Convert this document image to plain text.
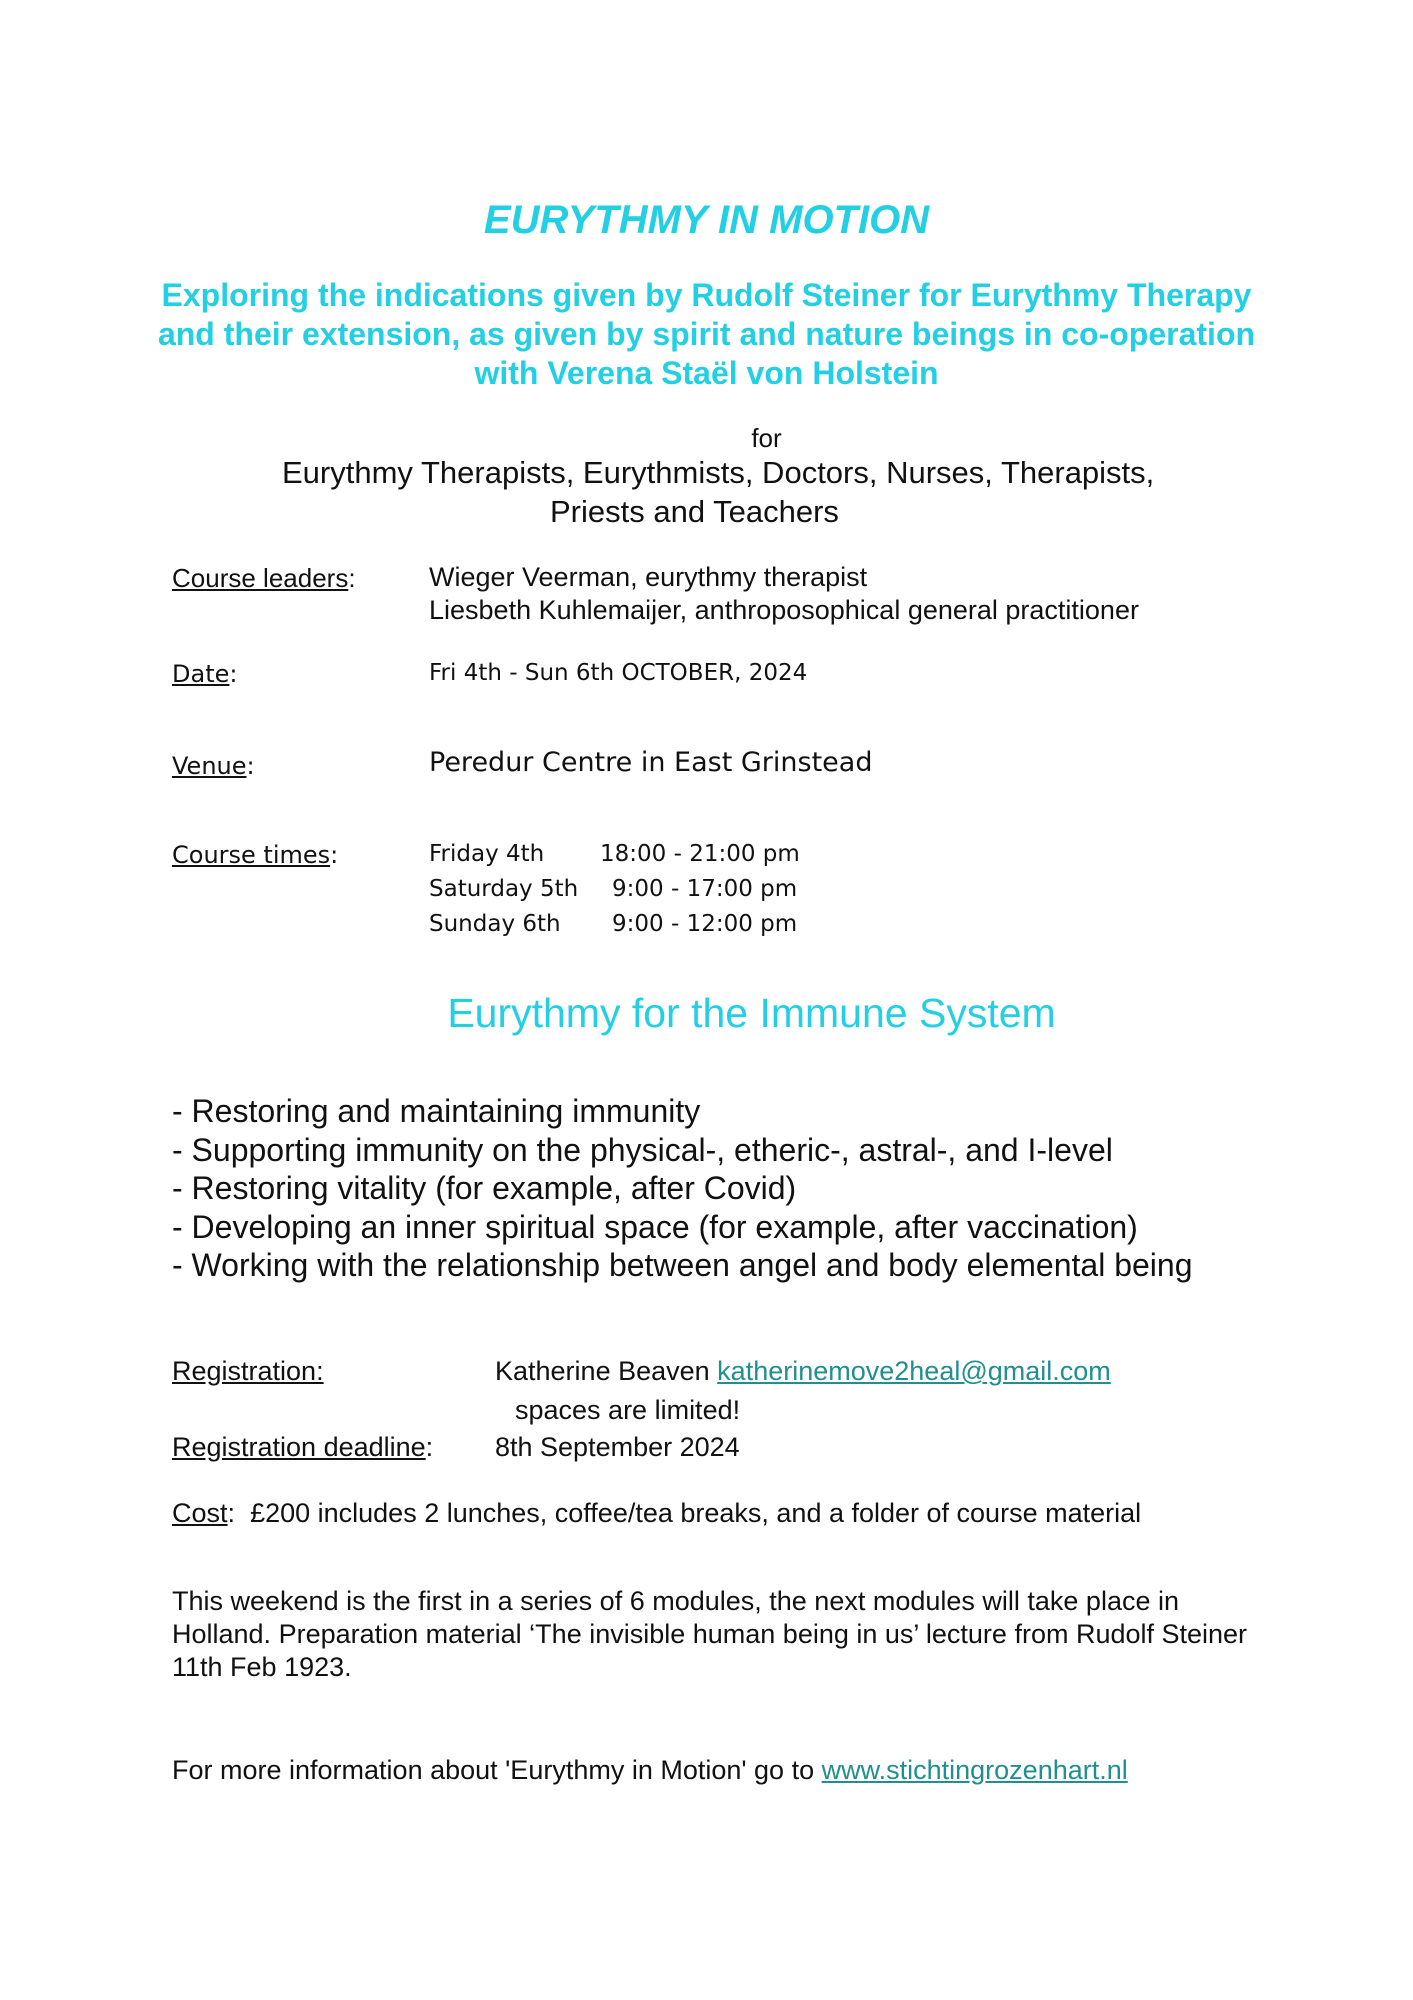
EURYTHMY IN MOTION
Exploring the indications given by Rudolf Steiner for Eurythmy Therapy and their extension, as given by spirit and nature beings in co-operation with Verena Staël von Holstein
for
Eurythmy Therapists, Eurythmists, Doctors, Nurses, Therapists,
Priests and Teachers
Course leaders:	Wieger Veerman, eurythmy therapist
Liesbeth Kuhlemaijer, anthroposophical general practitioner
Date:	Fri 4th - Sun 6th OCTOBER, 2024
Venue:	Peredur Centre in East Grinstead
Course times:	Friday 4th 18:00 - 21:00 pm
Saturday 5th 9:00 - 17:00 pm
Sunday 6th 9:00 - 12:00 pm
Eurythmy for the Immune System
- Restoring and maintaining immunity
- Supporting immunity on the physical-, etheric-, astral-, and I-level
- Restoring vitality (for example, after Covid)
- Developing an inner spiritual space (for example, after vaccination)
- Working with the relationship between angel and body elemental being
Registration:	Katherine Beaven katherinemove2heal@gmail.com
spaces are limited!
Registration deadline: 8th September 2024
Cost: £200 includes 2 lunches, coffee/tea breaks, and a folder of course material
This weekend is the first in a series of 6 modules, the next modules will take place in Holland. Preparation material ‘The invisible human being in us’ lecture from Rudolf Steiner 11th Feb 1923.
For more information about 'Eurythmy in Motion' go to www.stichtingrozenhart.nl
